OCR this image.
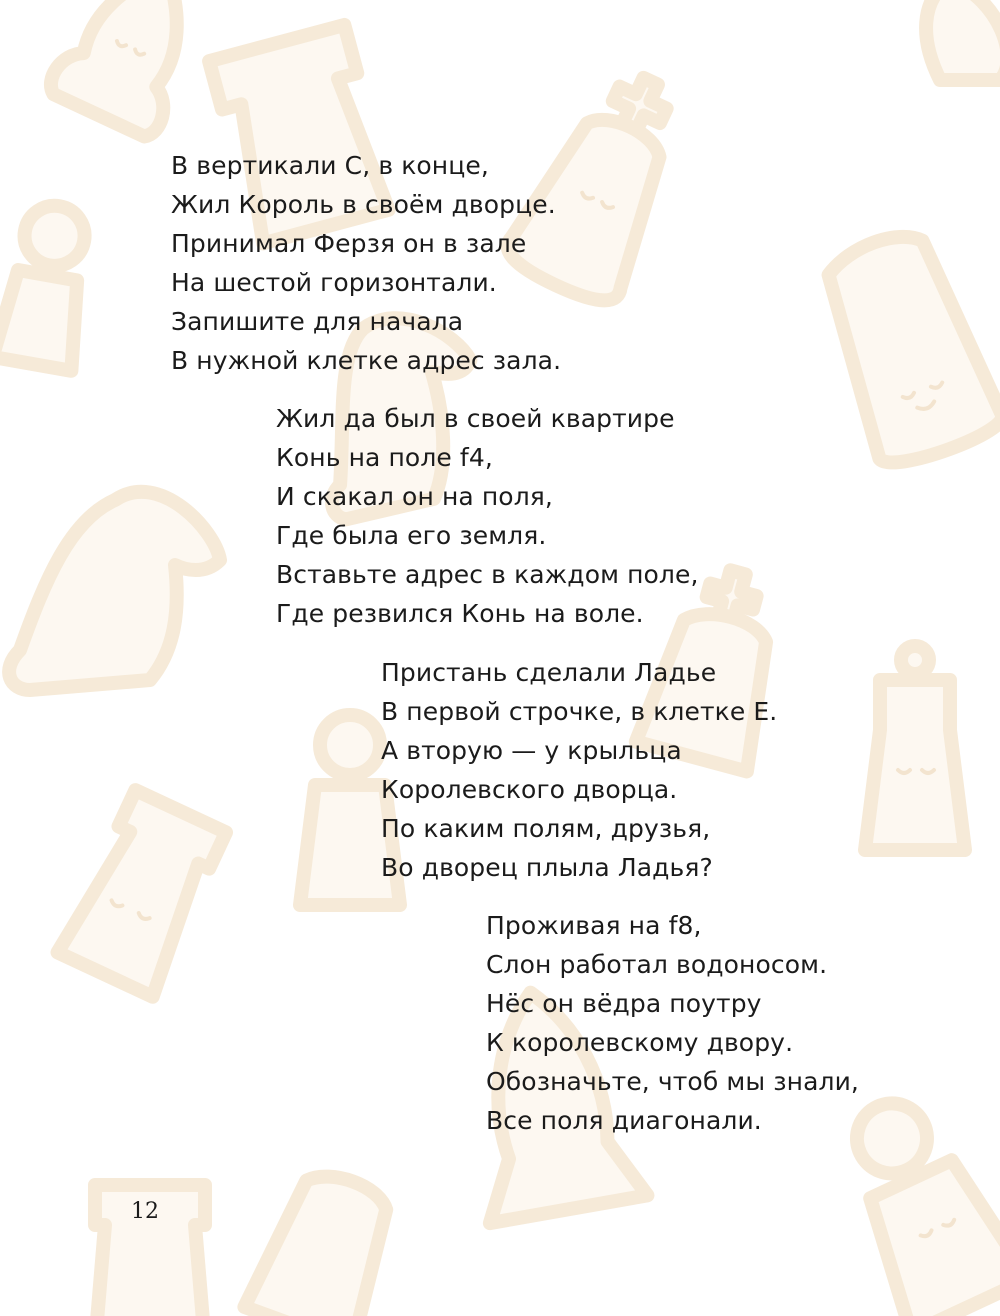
В вертикали С, в конце,
Жил Король в своём дворце.
Принимал Ферзя он в зале
На шестой горизонтали.
Запишите для начала
В нужной клетке адрес зала.
Жил да был в своей квартире
Конь на поле f4,
И скакал он на поля,
Где была его земля.
Вставьте адрес в каждом поле,
Где резвился Конь на воле.
Пристань сделали Ладье
В первой строчке, в клетке Е.
А вторую — у крыльца
Королевского дворца.
По каким полям, друзья,
Во дворец плыла Ладья?
Проживая на f8,
Слон работал водоносом.
Нёс он вёдра поутру
К королевскому двору.
Обозначьте, чтоб мы знали,
Все поля диагонали.
12
